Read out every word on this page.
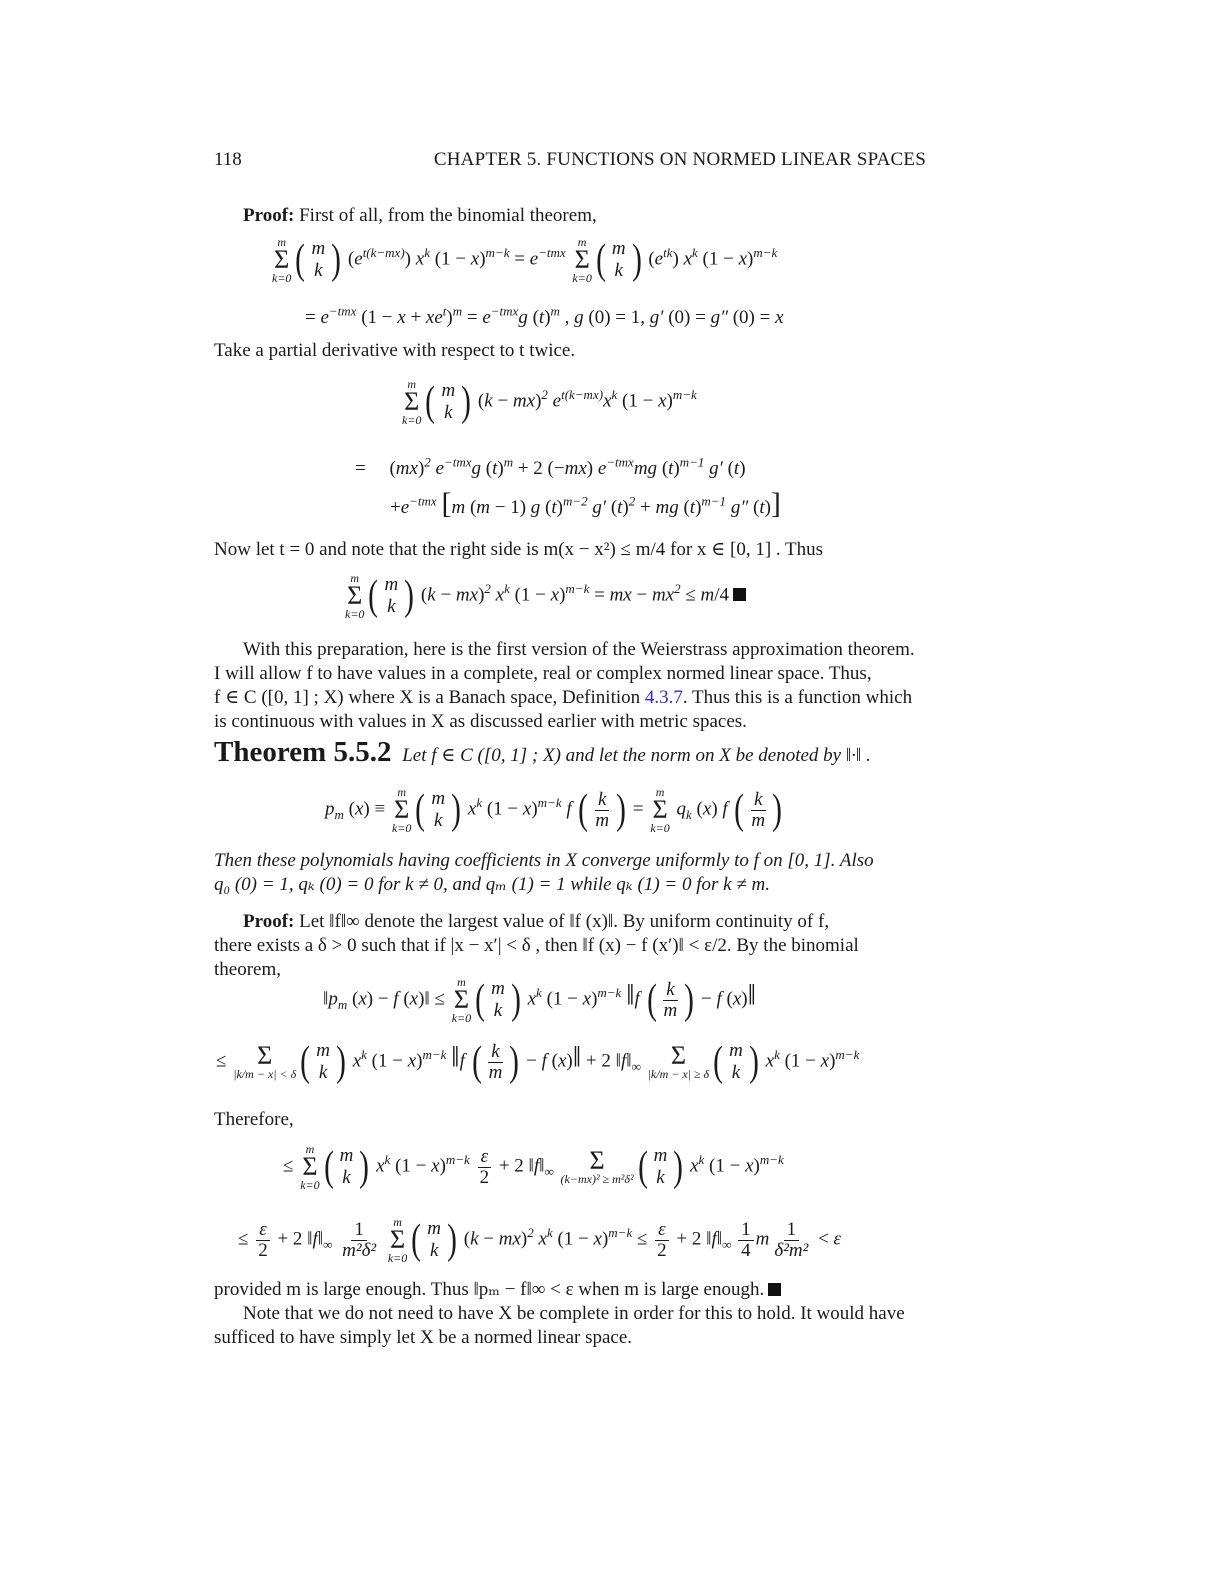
118	CHAPTER 5. FUNCTIONS ON NORMED LINEAR SPACES
Proof: First of all, from the binomial theorem,
m
Σ
k=0 ( m
k ) $(e^{t(k-mx)})$ $x^k$ $(1 - x)^{m-k} = e^{-tmx}$
m
Σ
k=0 ( m
k ) $(e^{tk})$ $x^k$ $(1 - x)^{m-k}$
= $e^{-tmx}$ $(1 - x + xe^t)^m = e^{-tmx}g$ $(t)^m$ , g (0) = 1, g′ (0) = g″ (0) = x
Take a partial derivative with respect to t twice.
m
Σ
k=0 ( m
k ) (k − mx)$^2$ $e^{t(k-mx)}x^k$ $(1 - x)^{m-k}$
= (mx)$^2$ $e^{-tmx}g$ $(t)^m + 2$ (−mx) $e^{-tmx}mg$ $(t)^{m-1}$ g′ (t)
$+e^{-tmx}$ [m (m − 1) g $(t)^{m-2}$ g′ $(t)^2$ + mg $(t)^{m-1}$ g″ (t)]
Now let t = 0 and note that the right side is m(x − x²) ≤ m/4 for x ∈ [0, 1] . Thus
m
Σ
k=0 ( m
k ) (k − mx)$^2$ $x^k$ $(1 - x)^{m-k}$ = mx − $mx^2 \le m/4$
With this preparation, here is the first version of the Weierstrass approximation theorem.
I will allow f to have values in a complete, real or complex normed linear space. Thus,
f ∈ C ([0, 1] ; X) where X is a Banach space, Definition 4.3.7. Thus this is a function which
is continuous with values in X as discussed earlier with metric spaces.
Theorem 5.5.2 Let f ∈ C ([0, 1] ; X) and let the norm on X be denoted by ‖·‖ .
$p_m$ (x) ≡
m
Σ
k=0 ( m
k ) $x^k$ $(1 - x)^{m-k}$ f ( $\frac{k}{m}$ ) =
m
Σ
k=0
$q_k$ (x) f ( $\frac{k}{m}$ )
Then these polynomials having coefficients in X converge uniformly to f on [0, 1]. Also
q₀ (0) = 1, qₖ (0) = 0 for k ≠ 0, and qₘ (1) = 1 while qₖ (1) = 0 for k ≠ m.
Proof: Let ‖f‖∞ denote the largest value of ‖f (x)‖. By uniform continuity of f,
there exists a δ > 0 such that if |x − x′| < δ , then ‖f (x) − f (x′)‖ < ε/2. By the binomial
theorem,
$‖p_m$ (x) − f (x)‖ ≤
m
Σ
k=0 ( m
k ) $x^k$ $(1 - x)^{m-k}$ ‖f ( $\frac{k}{m}$ ) − f (x)‖
≤ Σ
|k/m − x| < δ ( m
k ) $x^k$ $(1 - x)^{m-k}$ ‖f ( $\frac{k}{m}$ ) − f (x)‖ + 2 $‖f‖_\infty$ Σ
|k/m − x| ≥ δ ( m
k ) $x^k$ $(1 - x)^{m-k}$
Therefore,
≤
m
Σ
k=0 ( m
k ) $x^k$ $(1 - x)^{m-k} \frac{\varepsilon}{2} + 2$ $‖f‖_\infty$ Σ
(k−mx)² ≥ m²δ² ( m
k ) $x^k$ $(1 - x)^{m-k}$
≤ $\frac{\varepsilon}{2} + 2$ $‖f‖_\infty \frac{1}{\text{m²δ²}}$
m
Σ
k=0 ( m
k ) (k − mx)$^2$ $x^k$ $(1 - x)^{m-k} \le \frac{\varepsilon}{2} + 2$ $‖f‖_\infty \frac{1}{4}$ m $\frac{1}{\text{δ²m²}} < \varepsilon$
provided m is large enough. Thus ‖pₘ − f‖∞ < ε when m is large enough.
Note that we do not need to have X be complete in order for this to hold. It would have
sufficed to have simply let X be a normed linear space.
